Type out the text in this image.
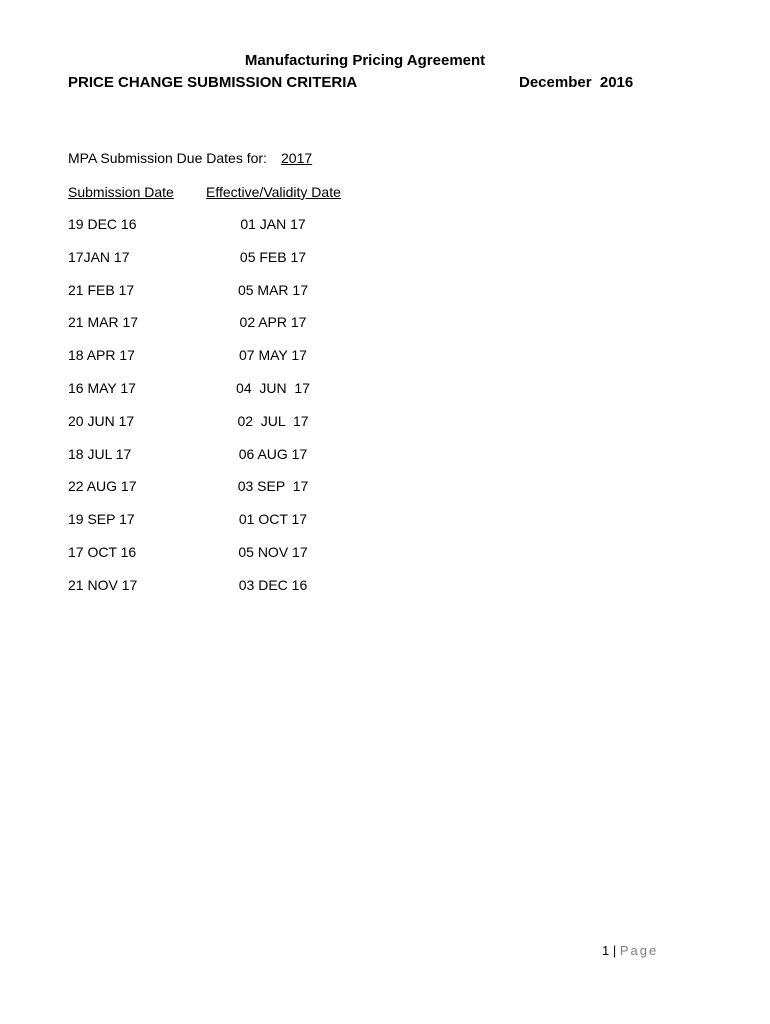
Manufacturing Pricing Agreement
PRICE CHANGE SUBMISSION CRITERIA	December  2016
MPA Submission Due Dates for: 2017
Submission Date Effective/Validity Date
19 DEC 16	01 JAN 17
17JAN 17	05 FEB 17
21 FEB 17	05 MAR 17
21 MAR 17	02 APR 17
18 APR 17	07 MAY 17
16 MAY 17	04  JUN  17
20 JUN 17	02  JUL  17
18 JUL 17	06 AUG 17
22 AUG 17	03 SEP  17
19 SEP 17	01 OCT 17
17 OCT 16	05 NOV 17
21 NOV 17	03 DEC 16
1 | Page
